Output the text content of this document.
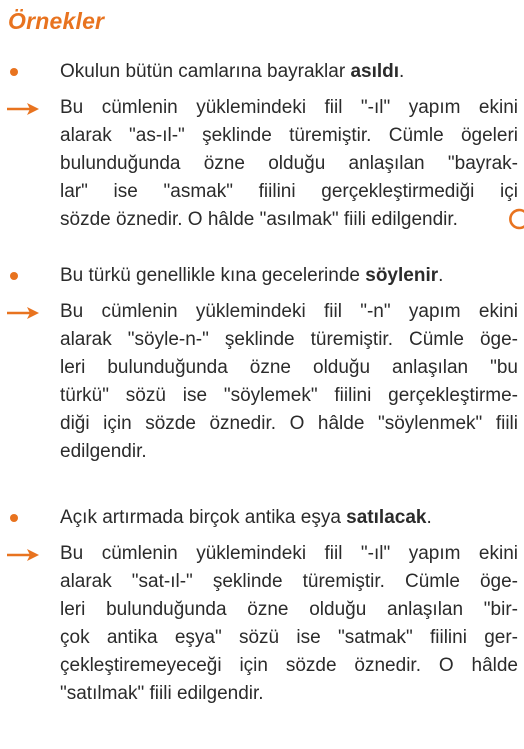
Örnekler
Okulun bütün camlarına bayraklar asıldı.
Bu cümlenin yüklemindeki fiil "-ıl" yapım ekini
alarak "as-ıl-" şeklinde türemiştir. Cümle ögeleri
bulunduğunda özne olduğu anlaşılan "bayrak-
lar" ise "asmak" fiilini gerçekleştirmediği içi
sözde öznedir. O hâlde "asılmak" fiili edilgendir.
Bu türkü genellikle kına gecelerinde söylenir.
Bu cümlenin yüklemindeki fiil "-n" yapım ekini
alarak "söyle-n-" şeklinde türemiştir. Cümle öge-
leri bulunduğunda özne olduğu anlaşılan "bu
türkü" sözü ise "söylemek" fiilini gerçekleştirme-
diği için sözde öznedir. O hâlde "söylenmek" fiili
edilgendir.
Açık artırmada birçok antika eşya satılacak.
Bu cümlenin yüklemindeki fiil "-ıl" yapım ekini
alarak "sat-ıl-" şeklinde türemiştir. Cümle öge-
leri bulunduğunda özne olduğu anlaşılan "bir-
çok antika eşya" sözü ise "satmak" fiilini ger-
çekleştiremeyeceği için sözde öznedir. O hâlde
"satılmak" fiili edilgendir.
